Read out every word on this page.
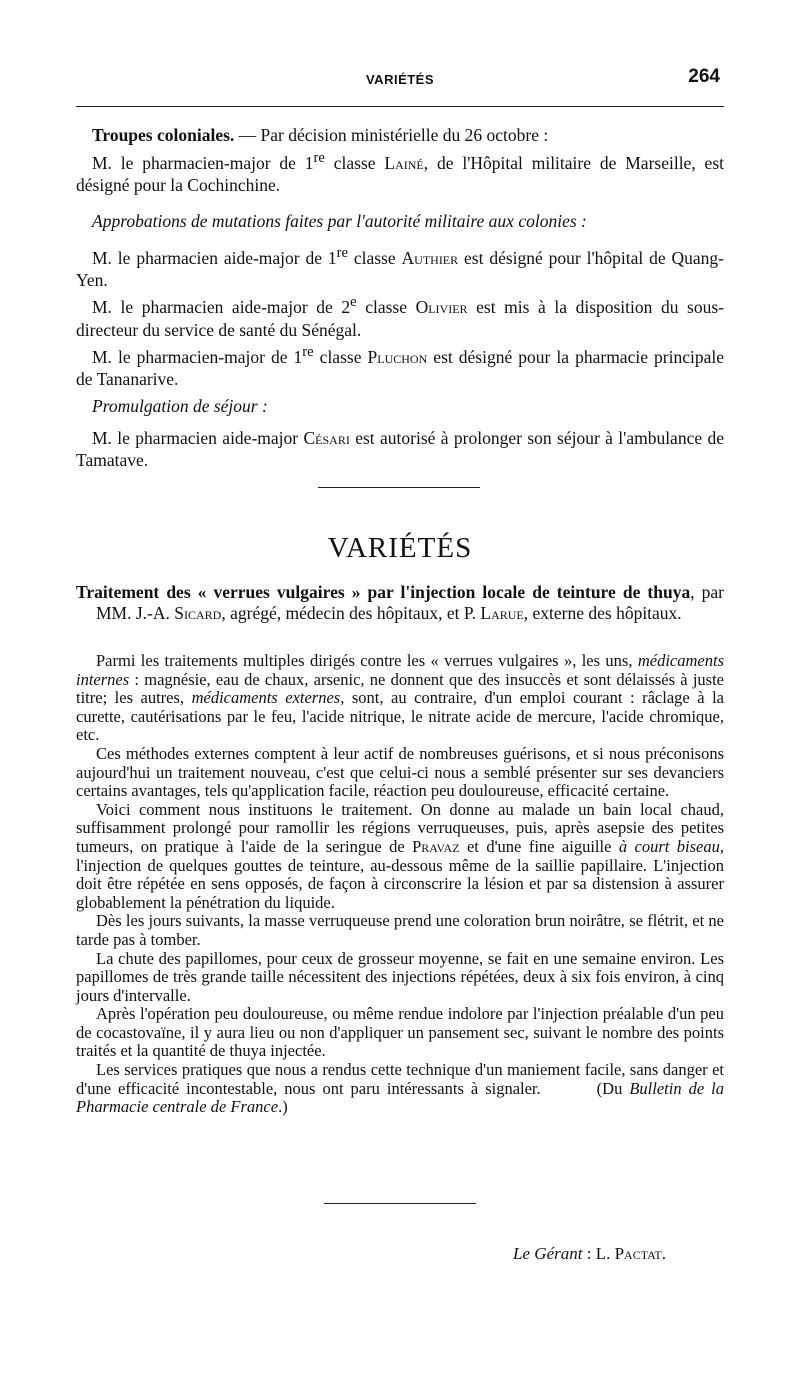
VARIÉTÉS	264

Troupes coloniales. — Par décision ministérielle du 26 octobre :

M. le pharmacien-major de 1re classe Lainé, de l'Hôpital militaire de Marseille, est désigné pour la Cochinchine.

Approbations de mutations faites par l'autorité militaire aux colonies :

M. le pharmacien aide-major de 1re classe Authier est désigné pour l'hôpital de Quang-Yen.

M. le pharmacien aide-major de 2e classe Olivier est mis à la disposition du sous-directeur du service de santé du Sénégal.

M. le pharmacien-major de 1re classe Pluchon est désigné pour la pharmacie principale de Tananarive.

Promulgation de séjour :

M. le pharmacien aide-major Césari est autorisé à prolonger son séjour à l'ambulance de Tamatave.

VARIÉTÉS

Traitement des « verrues vulgaires » par l'injection locale de teinture de thuya, par MM. J.-A. Sicard, agrégé, médecin des hôpitaux, et P. Larue, externe des hôpitaux.

Parmi les traitements multiples dirigés contre les « verrues vulgaires », les uns, médicaments internes : magnésie, eau de chaux, arsenic, ne donnent que des insuccès et sont délaissés à juste titre; les autres, médicaments externes, sont, au contraire, d'un emploi courant : râclage à la curette, cautérisations par le feu, l'acide nitrique, le nitrate acide de mercure, l'acide chromique, etc.

Ces méthodes externes comptent à leur actif de nombreuses guérisons, et si nous préconisons aujourd'hui un traitement nouveau, c'est que celui-ci nous a semblé présenter sur ses devanciers certains avantages, tels qu'application facile, réaction peu douloureuse, efficacité certaine.

Voici comment nous instituons le traitement. On donne au malade un bain local chaud, suffisamment prolongé pour ramollir les régions verruqueuses, puis, après asepsie des petites tumeurs, on pratique à l'aide de la seringue de Pravaz et d'une fine aiguille à court biseau, l'injection de quelques gouttes de teinture, au-dessous même de la saillie papillaire. L'injection doit être répétée en sens opposés, de façon à circonscrire la lésion et par sa distension à assurer globablement la pénétration du liquide.

Dès les jours suivants, la masse verruqueuse prend une coloration brun noirâtre, se flétrit, et ne tarde pas à tomber.

La chute des papillomes, pour ceux de grosseur moyenne, se fait en une semaine environ. Les papillomes de très grande taille nécessitent des injections répétées, deux à six fois environ, à cinq jours d'intervalle.

Après l'opération peu douloureuse, ou même rendue indolore par l'injection préalable d'un peu de cocastovaïne, il y aura lieu ou non d'appliquer un pansement sec, suivant le nombre des points traités et la quantité de thuya injectée.

Les services pratiques que nous a rendus cette technique d'un maniement facile, sans danger et d'une efficacité incontestable, nous ont paru intéressants à signaler.	(Du Bulletin de la Pharmacie centrale de France.)

Le Gérant : L. Pactat.
